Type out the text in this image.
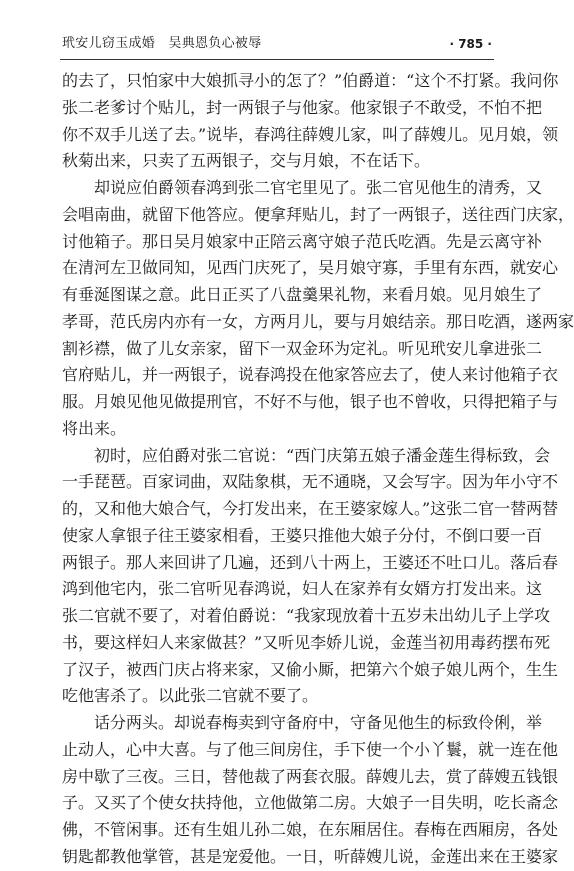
玳安儿窃玉成婚　吴典恩负心被辱	· 785 ·
的去了，只怕家中大娘抓寻小的怎了？”伯爵道：“这个不打紧。我问你
张二老爹讨个贴儿，封一两银子与他家。他家银子不敢受，不怕不把
你不双手儿送了去。”说毕，春鸿往薛嫂儿家，叫了薛嫂儿。见月娘，领
秋菊出来，只卖了五两银子，交与月娘，不在话下。
却说应伯爵领春鸿到张二官宅里见了。张二官见他生的清秀，又
会唱南曲，就留下他答应。便拿拜贴儿，封了一两银子，送往西门庆家，
讨他箱子。那日吴月娘家中正陪云离守娘子范氏吃酒。先是云离守补
在清河左卫做同知，见西门庆死了，吴月娘守寡，手里有东西，就安心
有垂涎图谋之意。此日正买了八盘羹果礼物，来看月娘。见月娘生了
孝哥，范氏房内亦有一女，方两月儿，要与月娘结亲。那日吃酒，遂两家
割衫襟，做了儿女亲家，留下一双金环为定礼。听见玳安儿拿进张二
官府贴儿，并一两银子，说春鸿投在他家答应去了，使人来讨他箱子衣
服。月娘见他见做提刑官，不好不与他，银子也不曾收，只得把箱子与
将出来。
初时，应伯爵对张二官说：“西门庆第五娘子潘金莲生得标致，会
一手琵琶。百家词曲，双陆象棋，无不通晓，又会写字。因为年小守不
的，又和他大娘合气，今打发出来，在王婆家嫁人。”这张二官一替两替
使家人拿银子往王婆家相看，王婆只推他大娘子分付，不倒口要一百
两银子。那人来回讲了几遍，还到八十两上，王婆还不吐口儿。落后春
鸿到他宅内，张二官听见春鸿说，妇人在家养有女婿方打发出来。这
张二官就不要了，对着伯爵说：“我家现放着十五岁未出幼儿子上学攻
书，要这样妇人来家做甚？”又听见李娇儿说，金莲当初用毒药摆布死
了汉子，被西门庆占将来家，又偷小厮，把第六个娘子娘儿两个，生生
吃他害杀了。以此张二官就不要了。
话分两头。却说春梅卖到守备府中，守备见他生的标致伶俐，举
止动人，心中大喜。与了他三间房住，手下使一个小丫鬟，就一连在他
房中歇了三夜。三日，替他裁了两套衣服。薛嫂儿去，赏了薛嫂五钱银
子。又买了个使女扶持他，立他做第二房。大娘子一目失明，吃长斋念
佛，不管闲事。还有生姐儿孙二娘，在东厢居住。春梅在西厢房，各处
钥匙都教他掌管，甚是宠爱他。一日，听薛嫂儿说，金莲出来在王婆家
